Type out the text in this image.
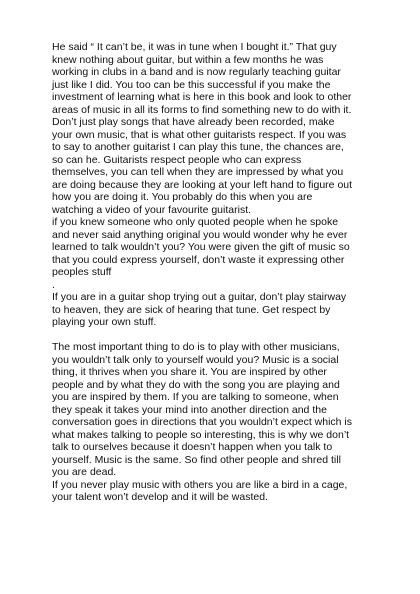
He said “ It can’t be, it was in tune when I bought it.” That guy
knew nothing about guitar, but within a few months he was
working in clubs in a band and is now regularly teaching guitar
just like I did. You too can be this successful if you make the
investment of learning what is here in this book and look to other
areas of music in all its forms to find something new to do with it.
Don’t just play songs that have already been recorded, make
your own music, that is what other guitarists respect. If you was
to say to another guitarist I can play this tune, the chances are,
so can he. Guitarists respect people who can express
themselves, you can tell when they are impressed by what you
are doing because they are looking at your left hand to figure out
how you are doing it. You probably do this when you are
watching a video of your favourite guitarist.
if you knew someone who only quoted people when he spoke
and never said anything original you would wonder why he ever
learned to talk wouldn’t you? You were given the gift of music so
that you could express yourself, don’t waste it expressing other
peoples stuff
.
If you are in a guitar shop trying out a guitar, don’t play stairway
to heaven, they are sick of hearing that tune. Get respect by
playing your own stuff.
The most important thing to do is to play with other musicians,
you wouldn’t talk only to yourself would you? Music is a social
thing, it thrives when you share it. You are inspired by other
people and by what they do with the song you are playing and
you are inspired by them. If you are talking to someone, when
they speak it takes your mind into another direction and the
conversation goes in directions that you wouldn’t expect which is
what makes talking to people so interesting, this is why we don’t
talk to ourselves because it doesn’t happen when you talk to
yourself. Music is the same. So find other people and shred till
you are dead.
If you never play music with others you are like a bird in a cage,
your talent won’t develop and it will be wasted.
